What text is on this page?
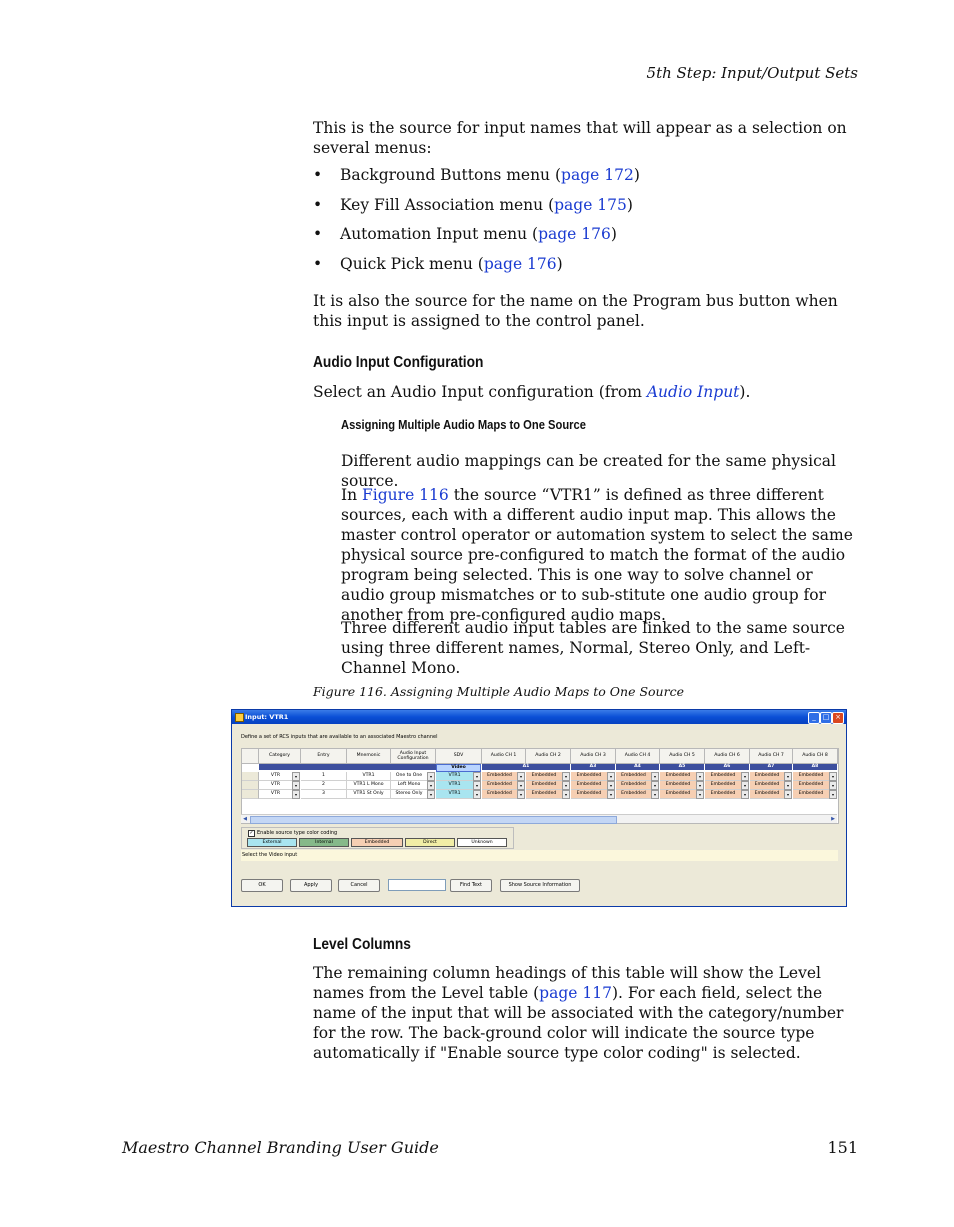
5th Step: Input/Output Sets

This is the source for input names that will appear as a selection on several menus:

• Background Buttons menu (page 172)
• Key Fill Association menu (page 175)
• Automation Input menu (page 176)
• Quick Pick menu (page 176)

It is also the source for the name on the Program bus button when this input is assigned to the control panel.

Audio Input Configuration

Select an Audio Input configuration (from Audio Input).

Assigning Multiple Audio Maps to One Source

Different audio mappings can be created for the same physical source.

In Figure 116 the source “VTR1” is defined as three different sources, each with a different audio input map. This allows the master control operator or automation system to select the same physical source pre-configured to match the format of the audio program being selected. This is one way to solve channel or audio group mismatches or to sub-stitute one audio group for another from pre-configured audio maps.

Three different audio input tables are linked to the same source using three different names, Normal, Stereo Only, and Left-Channel Mono.

Figure 116. Assigning Multiple Audio Maps to One Source
Input: VTR1	_ □ ×
Define a set of RCS inputs that are available to an associated Maestro channel
Category	Entry	Mnemonic	Audio Input Configuration
SDV	Audio CH 1	Audio CH 2	Audio CH 3	Audio CH 4	Audio CH 5	Audio CH 6	Audio CH 7	Audio CH 8
Video	A1	A3	A4	A5	A6	A7	A8
VTR	▾	1	VTR1	One to One	▾	VTR1	▾	Embedded	▾	Embedded	▾	Embedded	▾	Embedded	▾	Embedded	▾	Embedded	▾	Embedded	▾	Embedded	▾
VTR	▾	2	VTR1 L Mono	Left Mono	▾	VTR1	▾	Embedded	▾	Embedded	▾	Embedded	▾	Embedded	▾	Embedded	▾	Embedded	▾	Embedded	▾	Embedded	▾
VTR	▾	3	VTR1 St Only	Stereo Only	▾	VTR1	▾	Embedded	▾	Embedded	▾	Embedded	▾	Embedded	▾	Embedded	▾	Embedded	▾	Embedded	▾	Embedded	▾
◀	▶
✓ Enable source type color coding
External	Internal	Embedded	Direct	Unknown
Select the Video input
OK	Apply	Cancel	Find Text	Show Source Information
Level Columns

The remaining column headings of this table will show the Level names from the Level table (page 117). For each field, select the name of the input that will be associated with the category/number for the row. The back-ground color will indicate the source type automatically if "Enable source type color coding" is selected.

Maestro Channel Branding User Guide	151
